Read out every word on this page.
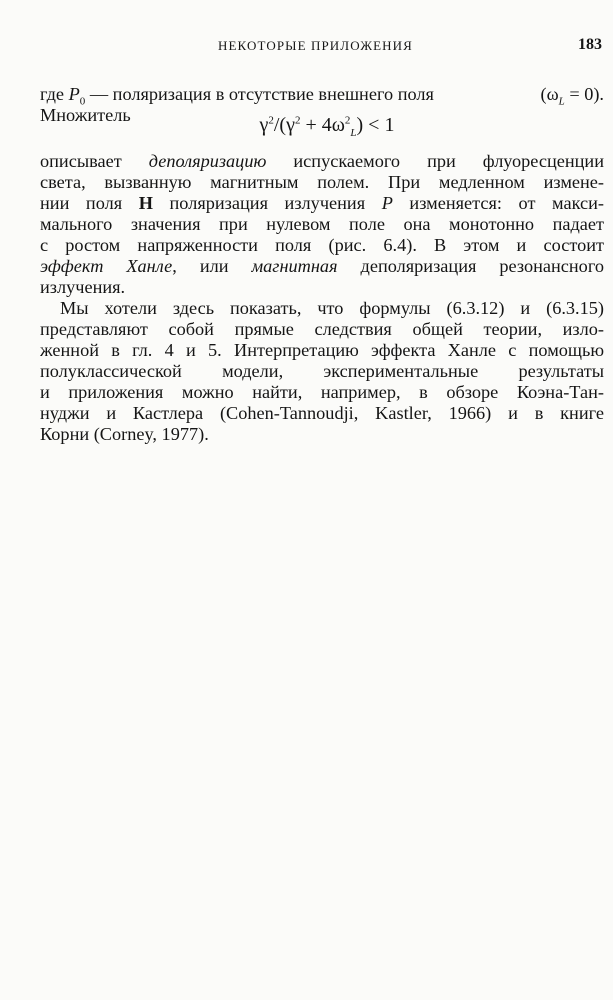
НЕКОТОРЫЕ ПРИЛОЖЕНИЯ	183
где $P_0$ — поляризация в отсутствие внешнего поля	$(\omega_L = 0)$.
Множитель	$\gamma^2/(\gamma^2 + 4\omega^2_L) < 1$
описывает деполяризацию испускаемого при флуоресценции
света, вызванную магнитным полем. При медленном измене-
нии поля H поляризация излучения P изменяется: от макси-
мального значения при нулевом поле она монотонно падает
с ростом напряженности поля (рис. 6.4). В этом и состоит
эффект Ханле, или магнитная деполяризация резонансного
излучения.
Мы хотели здесь показать, что формулы (6.3.12) и (6.3.15)
представляют собой прямые следствия общей теории, изло-
женной в гл. 4 и 5. Интерпретацию эффекта Ханле с помощью
полуклассической модели, экспериментальные результаты
и приложения можно найти, например, в обзоре Коэна-Тан-
нуджи и Кастлера (Cohen-Tannoudji, Kastler, 1966) и в книге
Корни (Corney, 1977).
